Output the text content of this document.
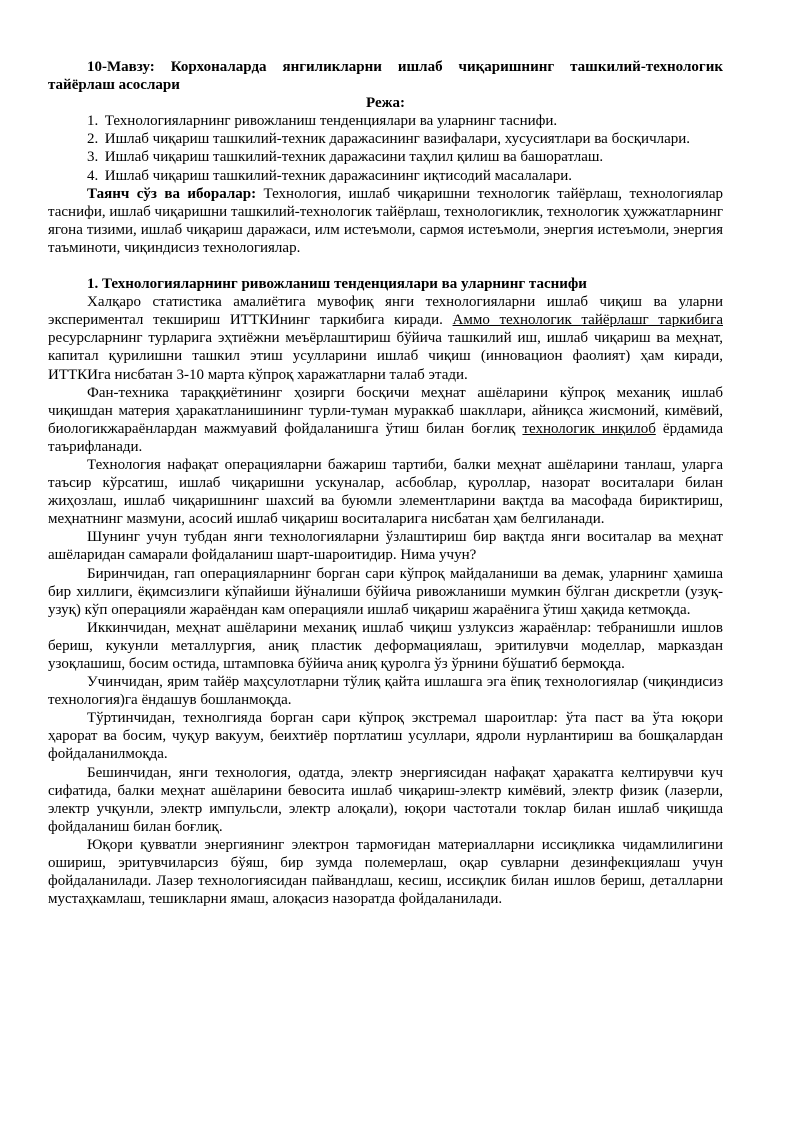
10-Мавзу: Корхоналарда янгиликларни ишлаб чиқаришнинг ташкилий-технологик тайёрлаш асослари

Режа:

1. Технологияларнинг ривожланиш тенденциялари ва уларнинг таснифи.

2. Ишлаб чиқариш ташкилий-техник даражасининг вазифалари, хусусиятлари ва босқичлари.

3. Ишлаб чиқариш ташкилий-техник даражасини таҳлил қилиш ва башоратлаш.

4. Ишлаб чиқариш ташкилий-техник даражасининг иқтисодий масалалари.

Таянч сўз ва иборалар: Технология, ишлаб чиқаришни технологик тайёрлаш, технологиялар таснифи, ишлаб чиқаришни ташкилий-технологик тайёрлаш, технологиклик, технологик ҳужжатларнинг ягона тизими, ишлаб чиқариш даражаси, илм истеъмоли, сармоя истеъмоли, энергия истеъмоли, энергия таъминоти, чиқиндисиз технологиялар.

1. Технологияларнинг ривожланиш тенденциялари ва уларнинг таснифи

Халқаро статистика амалиётига мувофиқ янги технологияларни ишлаб чиқиш ва уларни экспериментал текшириш ИТТКИнинг таркибига киради. Аммо технологик тайёрлашг таркибига ресурсларнинг турларига эҳтиёжни меъёрлаштириш бўйича ташкилий иш, ишлаб чиқариш ва меҳнат, капитал қурилишни ташкил этиш усулларини ишлаб чиқиш (инновацион фаолият) ҳам киради, ИТТКИга нисбатан 3-10 марта кўпроқ харажатларни талаб этади.

Фан-техника тараққиётининг ҳозирги босқичи меҳнат ашёларини кўпроқ механиқ ишлаб чиқишдан материя ҳаракатланишининг турли-туман мураккаб шакллари, айниқса жисмоний, кимёвий, биологикжараёнлардан мажмуавий фойдаланишга ўтиш билан боғлиқ технологик инқилоб ёрдамида таърифланади.

Технология нафақат операцияларни бажариш тартиби, балки меҳнат ашёларини танлаш, уларга таъсир кўрсатиш, ишлаб чиқаришни ускуналар, асбоблар, қуроллар, назорат воситалари билан жиҳозлаш, ишлаб чиқаришнинг шахсий ва буюмли элементларини вақтда ва масофада бириктириш, меҳнатнинг мазмуни, асосий ишлаб чиқариш воситаларига нисбатан ҳам белгиланади.

Шунинг учун тубдан янги технологияларни ўзлаштириш бир вақтда янги воситалар ва меҳнат ашёларидан самарали фойдаланиш шарт-шароитидир. Нима учун?

Биринчидан, гап операцияларнинг борган сари кўпроқ майдаланиши ва демак, уларнинг ҳамиша бир хиллиги, ёқимсизлиги кўпайиши йўналиши бўйича ривожланиши мумкин бўлган дискретли (узуқ-узуқ) кўп операцияли жараёндан кам операцияли ишлаб чиқариш жараёнига ўтиш ҳақида кетмоқда.

Иккинчидан, меҳнат ашёларини механиқ ишлаб чиқиш узлуксиз жараёнлар: тебранишли ишлов бериш, кукунли металлургия, аниқ пластик деформациялаш, эритилувчи моделлар, марказдан узоқлашиш, босим остида, штамповка бўйича аниқ қуролга ўз ўрнини бўшатиб бермоқда.

Учинчидан, ярим тайёр маҳсулотларни тўлиқ қайта ишлашга эга ёпиқ технологиялар (чиқиндисиз технология)га ёндашув бошланмоқда.

Тўртинчидан, технолгияда борган сари кўпроқ экстремал шароитлар: ўта паст ва ўта юқори ҳарорат ва босим, чуқур вакуум, беихтиёр портлатиш усуллари, ядроли нурлантириш ва бошқалардан фойдаланилмоқда.

Бешинчидан, янги технология, одатда, электр энергиясидан нафақат ҳаракатга келтирувчи куч сифатида, балки меҳнат ашёларини бевосита ишлаб чиқариш-электр кимёвий, электр физик (лазерли, электр учқунли, электр импульсли, электр алоқали), юқори частотали токлар билан ишлаб чиқишда фойдаланиш билан боғлиқ.

Юқори қувватли энергиянинг электрон тармоғидан материалларни иссиқликка чидамлилигини ошириш, эритувчиларсиз бўяш, бир зумда полемерлаш, оқар сувларни дезинфекциялаш учун фойдаланилади. Лазер технологиясидан пайвандлаш, кесиш, иссиқлик билан ишлов бериш, деталларни мустаҳкамлаш, тешикларни ямаш, алоқасиз назоратда фойдаланилади.
